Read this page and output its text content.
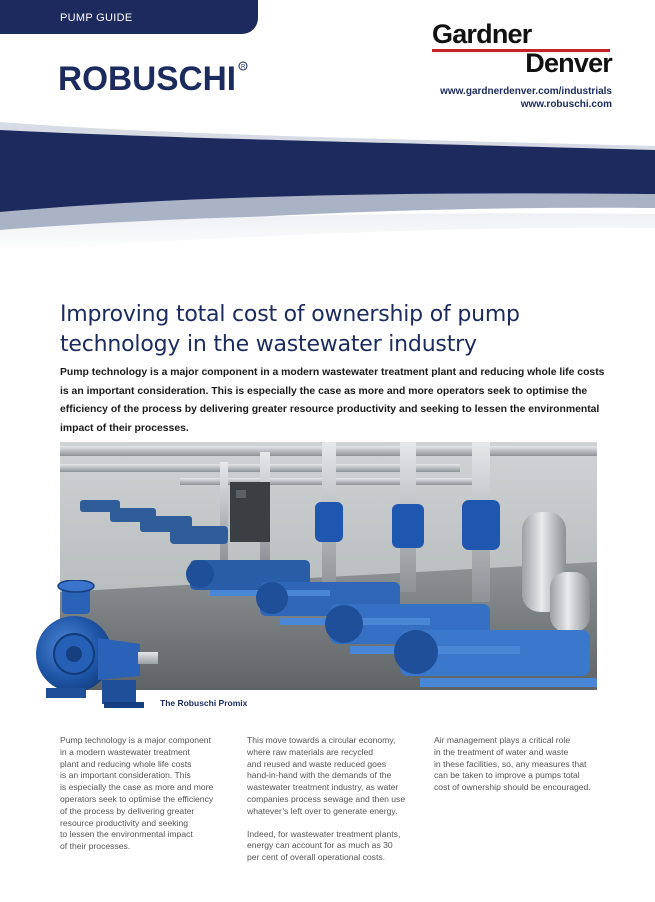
PUMP GUIDE
ROBUSCHI R
Gardner
Denver
www.gardnerdenver.com/industrials
www.robuschi.com
Improving total cost of ownership of pump technology in the wastewater industry

Pump technology is a major component in a modern wastewater treatment plant and reducing whole life costs is an important consideration. This is especially the case as more and more operators seek to optimise the efficiency of the process by delivering greater resource productivity and seeking to lessen the environmental impact of their processes.

The Robuschi Promix

Pump technology is a major component
in a modern wastewater treatment
plant and reducing whole life costs
is an important consideration. This
is especially the case as more and more
operators seek to optimise the efficiency
of the process by delivering greater
resource productivity and seeking
to lessen the environmental impact
of their processes.

This move towards a circular economy,
where raw materials are recycled
and reused and waste reduced goes
hand-in-hand with the demands of the
wastewater treatment industry, as water
companies process sewage and then use
whatever’s left over to generate energy.

Indeed, for wastewater treatment plants,
energy can account for as much as 30
per cent of overall operational costs.

Air management plays a critical role
in the treatment of water and waste
in these facilities, so, any measures that
can be taken to improve a pumps total
cost of ownership should be encouraged.
